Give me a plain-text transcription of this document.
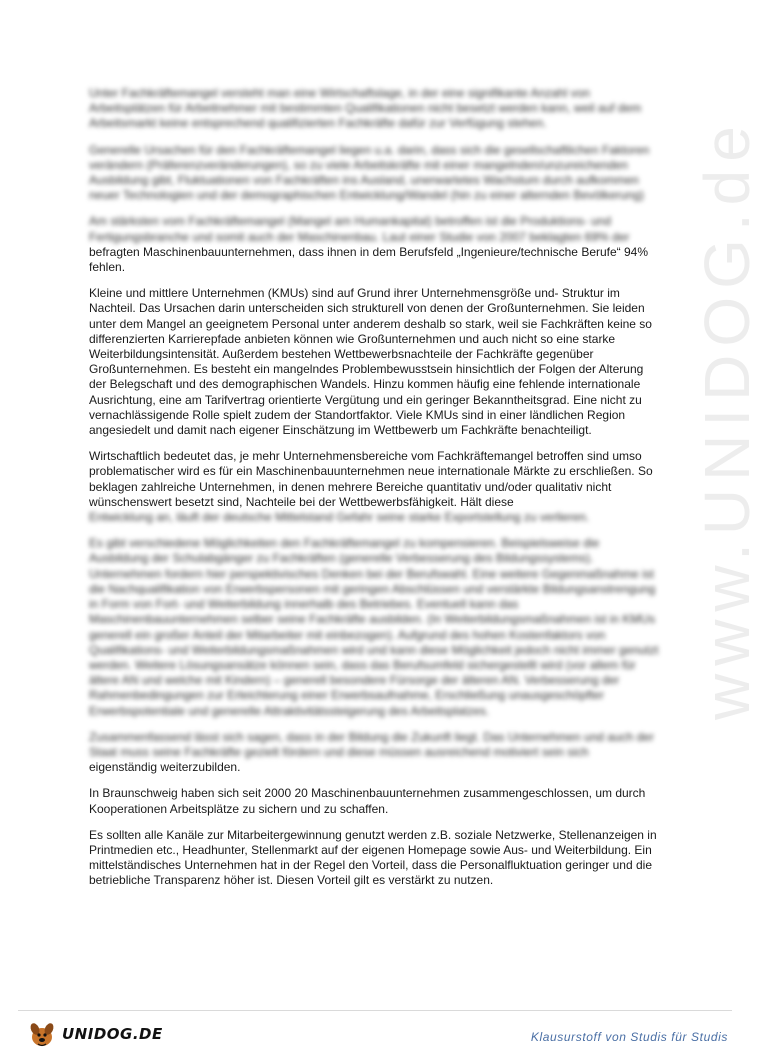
www.UNIDOG.de

Unter Fachkräftemangel versteht man eine Wirtschaftslage, in der eine signifikante Anzahl von Arbeitsplätzen für Arbeitnehmer mit bestimmten Qualifikationen nicht besetzt werden kann, weil auf dem Arbeitsmarkt keine entsprechend qualifizierten Fachkräfte dafür zur Verfügung stehen.

Generelle Ursachen für den Fachkräftemangel liegen u.a. darin, dass sich die gesellschaftlichen Faktoren verändern (Präferenzveränderungen), so zu viele Arbeitskräfte mit einer mangelnden/unzureichenden Ausbildung gibt, Fluktuationen von Fachkräften ins Ausland, unerwartetes Wachstum durch aufkommen neuer Technologien und der demographischen Entwicklung/Wandel (hin zu einer alternden Bevölkerung)

Am stärksten vom Fachkräftemangel (Mangel am Humankapital) betroffen ist die Produktions- und Fertigungsbranche und somit auch der Maschinenbau. Laut einer Studie von 2007 beklagten 69% der

befragten Maschinenbauunternehmen, dass ihnen in dem Berufsfeld „Ingenieure/technische Berufe“ 94% fehlen.

Kleine und mittlere Unternehmen (KMUs) sind auf Grund ihrer Unternehmensgröße und- Struktur im Nachteil. Das Ursachen darin unterscheiden sich strukturell von denen der Großunternehmen. Sie leiden unter dem Mangel an geeignetem Personal unter anderem deshalb so stark, weil sie Fachkräften keine so differenzierten Karrierepfade anbieten können wie Großunternehmen und auch nicht so eine starke Weiterbildungsintensität. Außerdem bestehen Wettbewerbsnachteile der Fachkräfte gegenüber Großunternehmen. Es besteht ein mangelndes Problembewusstsein hinsichtlich der Folgen der Alterung der Belegschaft und des demographischen Wandels. Hinzu kommen häufig eine fehlende internationale Ausrichtung, eine am Tarifvertrag orientierte Vergütung und ein geringer Bekanntheitsgrad. Eine nicht zu vernachlässigende Rolle spielt zudem der Standortfaktor. Viele KMUs sind in einer ländlichen Region angesiedelt und damit nach eigener Einschätzung im Wettbewerb um Fachkräfte benachteiligt.

Wirtschaftlich bedeutet das, je mehr Unternehmensbereiche vom Fachkräftemangel betroffen sind umso problematischer wird es für ein Maschinenbauunternehmen neue internationale Märkte zu erschließen. So beklagen zahlreiche Unternehmen, in denen mehrere Bereiche quantitativ und/oder qualitativ nicht wünschenswert besetzt sind, Nachteile bei der Wettbewerbsfähigkeit. Hält diese

Entwicklung an, läuft der deutsche Mittelstand Gefahr seine starke Exportstellung zu verlieren.

Es gibt verschiedene Möglichkeiten den Fachkräftemangel zu kompensieren. Beispielsweise die Ausbildung der Schulabgänger zu Fachkräften (generelle Verbesserung des Bildungssystems). Unternehmen fordern hier perspektivisches Denken bei der Berufswahl. Eine weitere Gegenmaßnahme ist die Nachqualifikation von Erwerbspersonen mit geringen Abschlüssen und verstärkte Bildungsanstrengung in Form von Fort- und Weiterbildung innerhalb des Betriebes. Eventuell kann das Maschinenbauunternehmen selber seine Fachkräfte ausbilden. (In Weiterbildungsmaßnahmen ist in KMUs generell ein großer Anteil der Mitarbeiter mit einbezogen). Aufgrund des hohen Kostenfaktors von Qualifikations- und Weiterbildungsmaßnahmen wird und kann diese Möglichkeit jedoch nicht immer genutzt werden. Weitere Lösungsansätze können sein, dass das Berufsumfeld sichergestellt wird (vor allem für ältere AN und welche mit Kindern) – generell besondere Fürsorge der älteren AN. Verbesserung der Rahmenbedingungen zur Erleichterung einer Erwerbsaufnahme, Erschließung unausgeschöpfter Erwerbspotentiale und generelle Attraktivitätssteigerung des Arbeitsplatzes.

Zusammenfassend lässt sich sagen, dass in der Bildung die Zukunft liegt. Das Unternehmen und auch der Staat muss seine Fachkräfte gezielt fördern und diese müssen ausreichend motiviert sein sich

eigenständig weiterzubilden.

In Braunschweig haben sich seit 2000 20 Maschinenbauunternehmen zusammengeschlossen, um durch Kooperationen Arbeitsplätze zu sichern und zu schaffen.

Es sollten alle Kanäle zur Mitarbeitergewinnung genutzt werden z.B. soziale Netzwerke, Stellenanzeigen in Printmedien etc., Headhunter, Stellenmarkt auf der eigenen Homepage sowie Aus- und Weiterbildung. Ein mittelständisches Unternehmen hat in der Regel den Vorteil, dass die Personalfluktuation geringer und die betriebliche Transparenz höher ist. Diesen Vorteil gilt es verstärkt zu nutzen.

UNIDOG.DE	Klausurstoff von Studis für Studis
